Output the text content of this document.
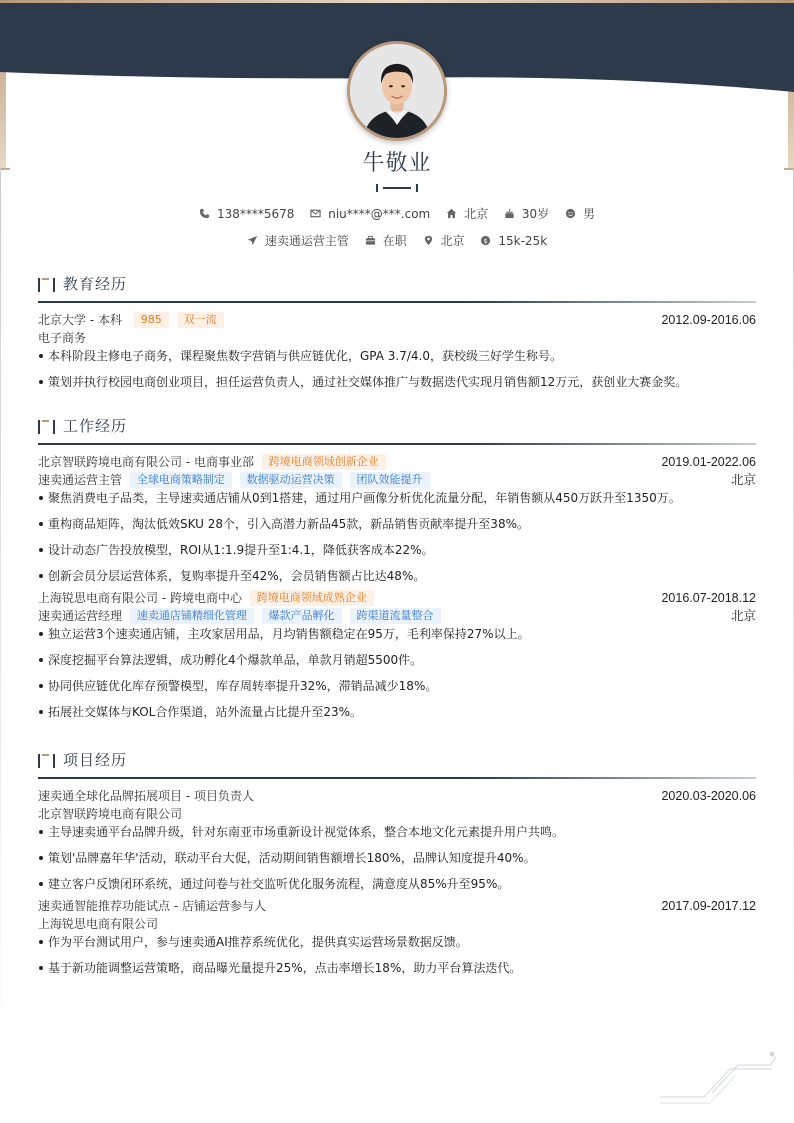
牛敬业
138****5678
	niu****@***.com
	北京
	30岁
	男
速卖通运营主管
	在职
	北京
	$ 15k-25k
教育经历
北京大学 - 本科 985 双一流	2012.09-2016.06
电子商务
本科阶段主修电子商务，课程聚焦数字营销与供应链优化，GPA 3.7/4.0，获校级三好学生称号。
策划并执行校园电商创业项目，担任运营负责人，通过社交媒体推广与数据迭代实现月销售额12万元，获创业大赛金奖。
工作经历
北京智联跨境电商有限公司 - 电商事业部 跨境电商领域创新企业	2019.01-2022.06
速卖通运营主管 全球电商策略制定 数据驱动运营决策 团队效能提升	北京
聚焦消费电子品类，主导速卖通店铺从0到1搭建，通过用户画像分析优化流量分配，年销售额从450万跃升至1350万。
重构商品矩阵，淘汰低效SKU 28个，引入高潜力新品45款，新品销售贡献率提升至38%。
设计动态广告投放模型，ROI从1:1.9提升至1:4.1，降低获客成本22%。
创新会员分层运营体系，复购率提升至42%，会员销售额占比达48%。
上海锐思电商有限公司 - 跨境电商中心 跨境电商领域成熟企业	2016.07-2018.12
速卖通运营经理 速卖通店铺精细化管理 爆款产品孵化 跨渠道流量整合	北京
独立运营3个速卖通店铺，主攻家居用品，月均销售额稳定在95万，毛利率保持27%以上。
深度挖掘平台算法逻辑，成功孵化4个爆款单品，单款月销超5500件。
协同供应链优化库存预警模型，库存周转率提升32%，滞销品减少18%。
拓展社交媒体与KOL合作渠道，站外流量占比提升至23%。
项目经历
速卖通全球化品牌拓展项目 - 项目负责人	2020.03-2020.06
北京智联跨境电商有限公司
主导速卖通平台品牌升级，针对东南亚市场重新设计视觉体系，整合本地文化元素提升用户共鸣。
策划'品牌嘉年华'活动，联动平台大促，活动期间销售额增长180%，品牌认知度提升40%。
建立客户反馈闭环系统，通过问卷与社交监听优化服务流程，满意度从85%升至95%。
速卖通智能推荐功能试点 - 店铺运营参与人	2017.09-2017.12
上海锐思电商有限公司
作为平台测试用户，参与速卖通AI推荐系统优化，提供真实运营场景数据反馈。
基于新功能调整运营策略，商品曝光量提升25%，点击率增长18%，助力平台算法迭代。
